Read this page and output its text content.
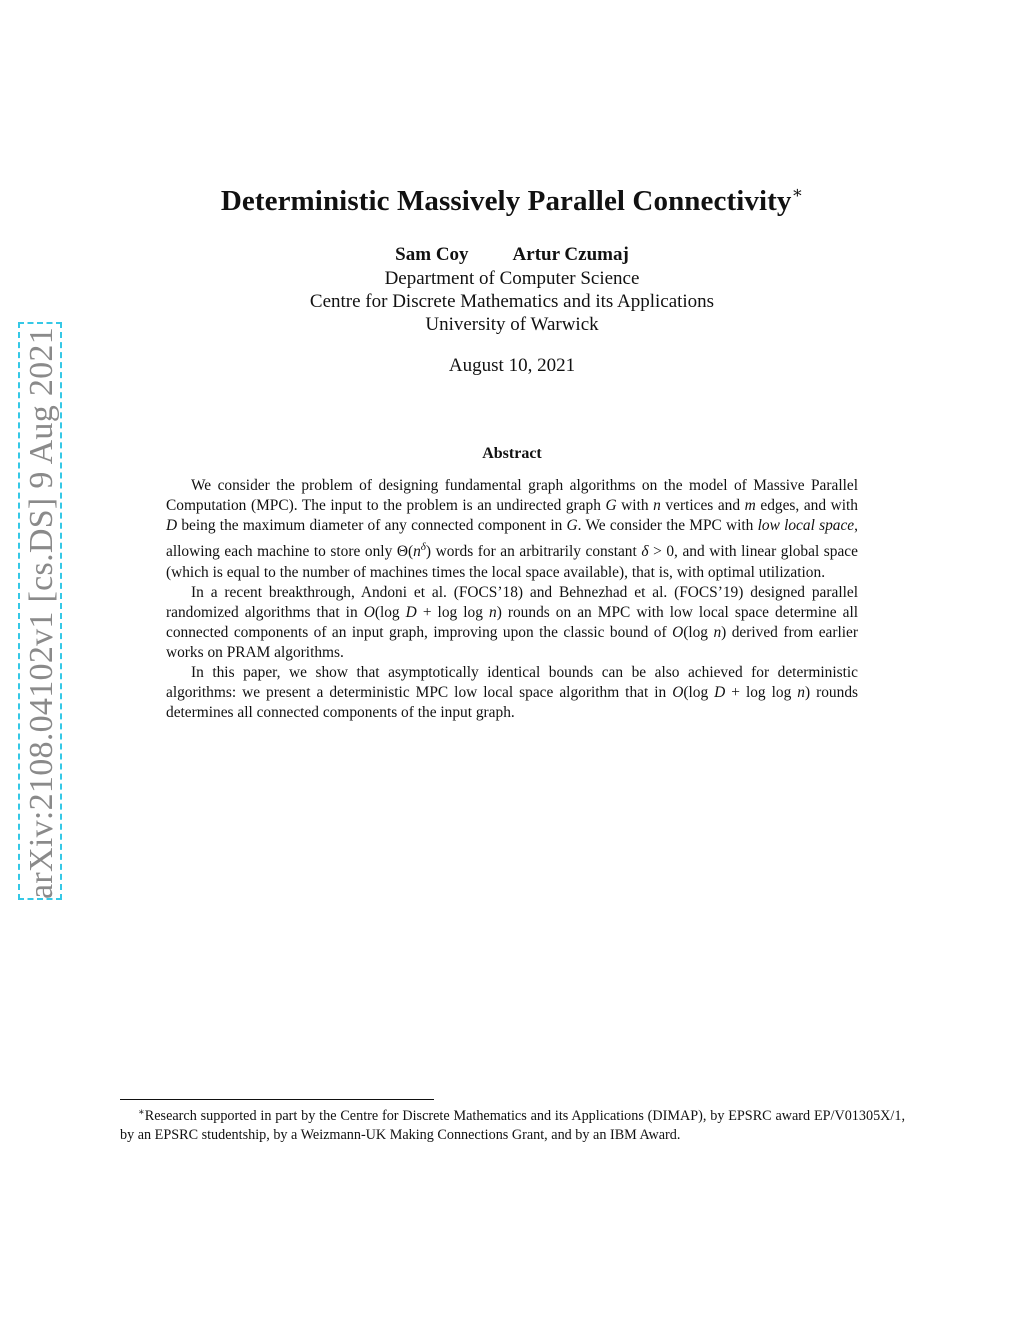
arXiv:2108.04102v1 [cs.DS] 9 Aug 2021
Deterministic Massively Parallel Connectivity∗
Sam Coy Artur Czumaj
Department of Computer Science
Centre for Discrete Mathematics and its Applications
University of Warwick
August 10, 2021
Abstract

We consider the problem of designing fundamental graph algorithms on the model of Massive Parallel Computation (MPC). The input to the problem is an undirected graph G with n vertices and m edges, and with D being the maximum diameter of any connected component in G. We consider the MPC with low local space, allowing each machine to store only $\Theta(n^\delta)$ words for an arbitrarily constant δ > 0, and with linear global space (which is equal to the number of machines times the local space available), that is, with optimal utilization.

In a recent breakthrough, Andoni et al. (FOCS’18) and Behnezhad et al. (FOCS’19) designed parallel randomized algorithms that in O(log D + log log n) rounds on an MPC with low local space determine all connected components of an input graph, improving upon the classic bound of O(log n) derived from earlier works on PRAM algorithms.

In this paper, we show that asymptotically identical bounds can be also achieved for deterministic algorithms: we present a deterministic MPC low local space algorithm that in O(log D + log log n) rounds determines all connected components of the input graph.

∗Research supported in part by the Centre for Discrete Mathematics and its Applications (DIMAP), by EPSRC award EP/V01305X/1, by an EPSRC studentship, by a Weizmann-UK Making Connections Grant, and by an IBM Award.
